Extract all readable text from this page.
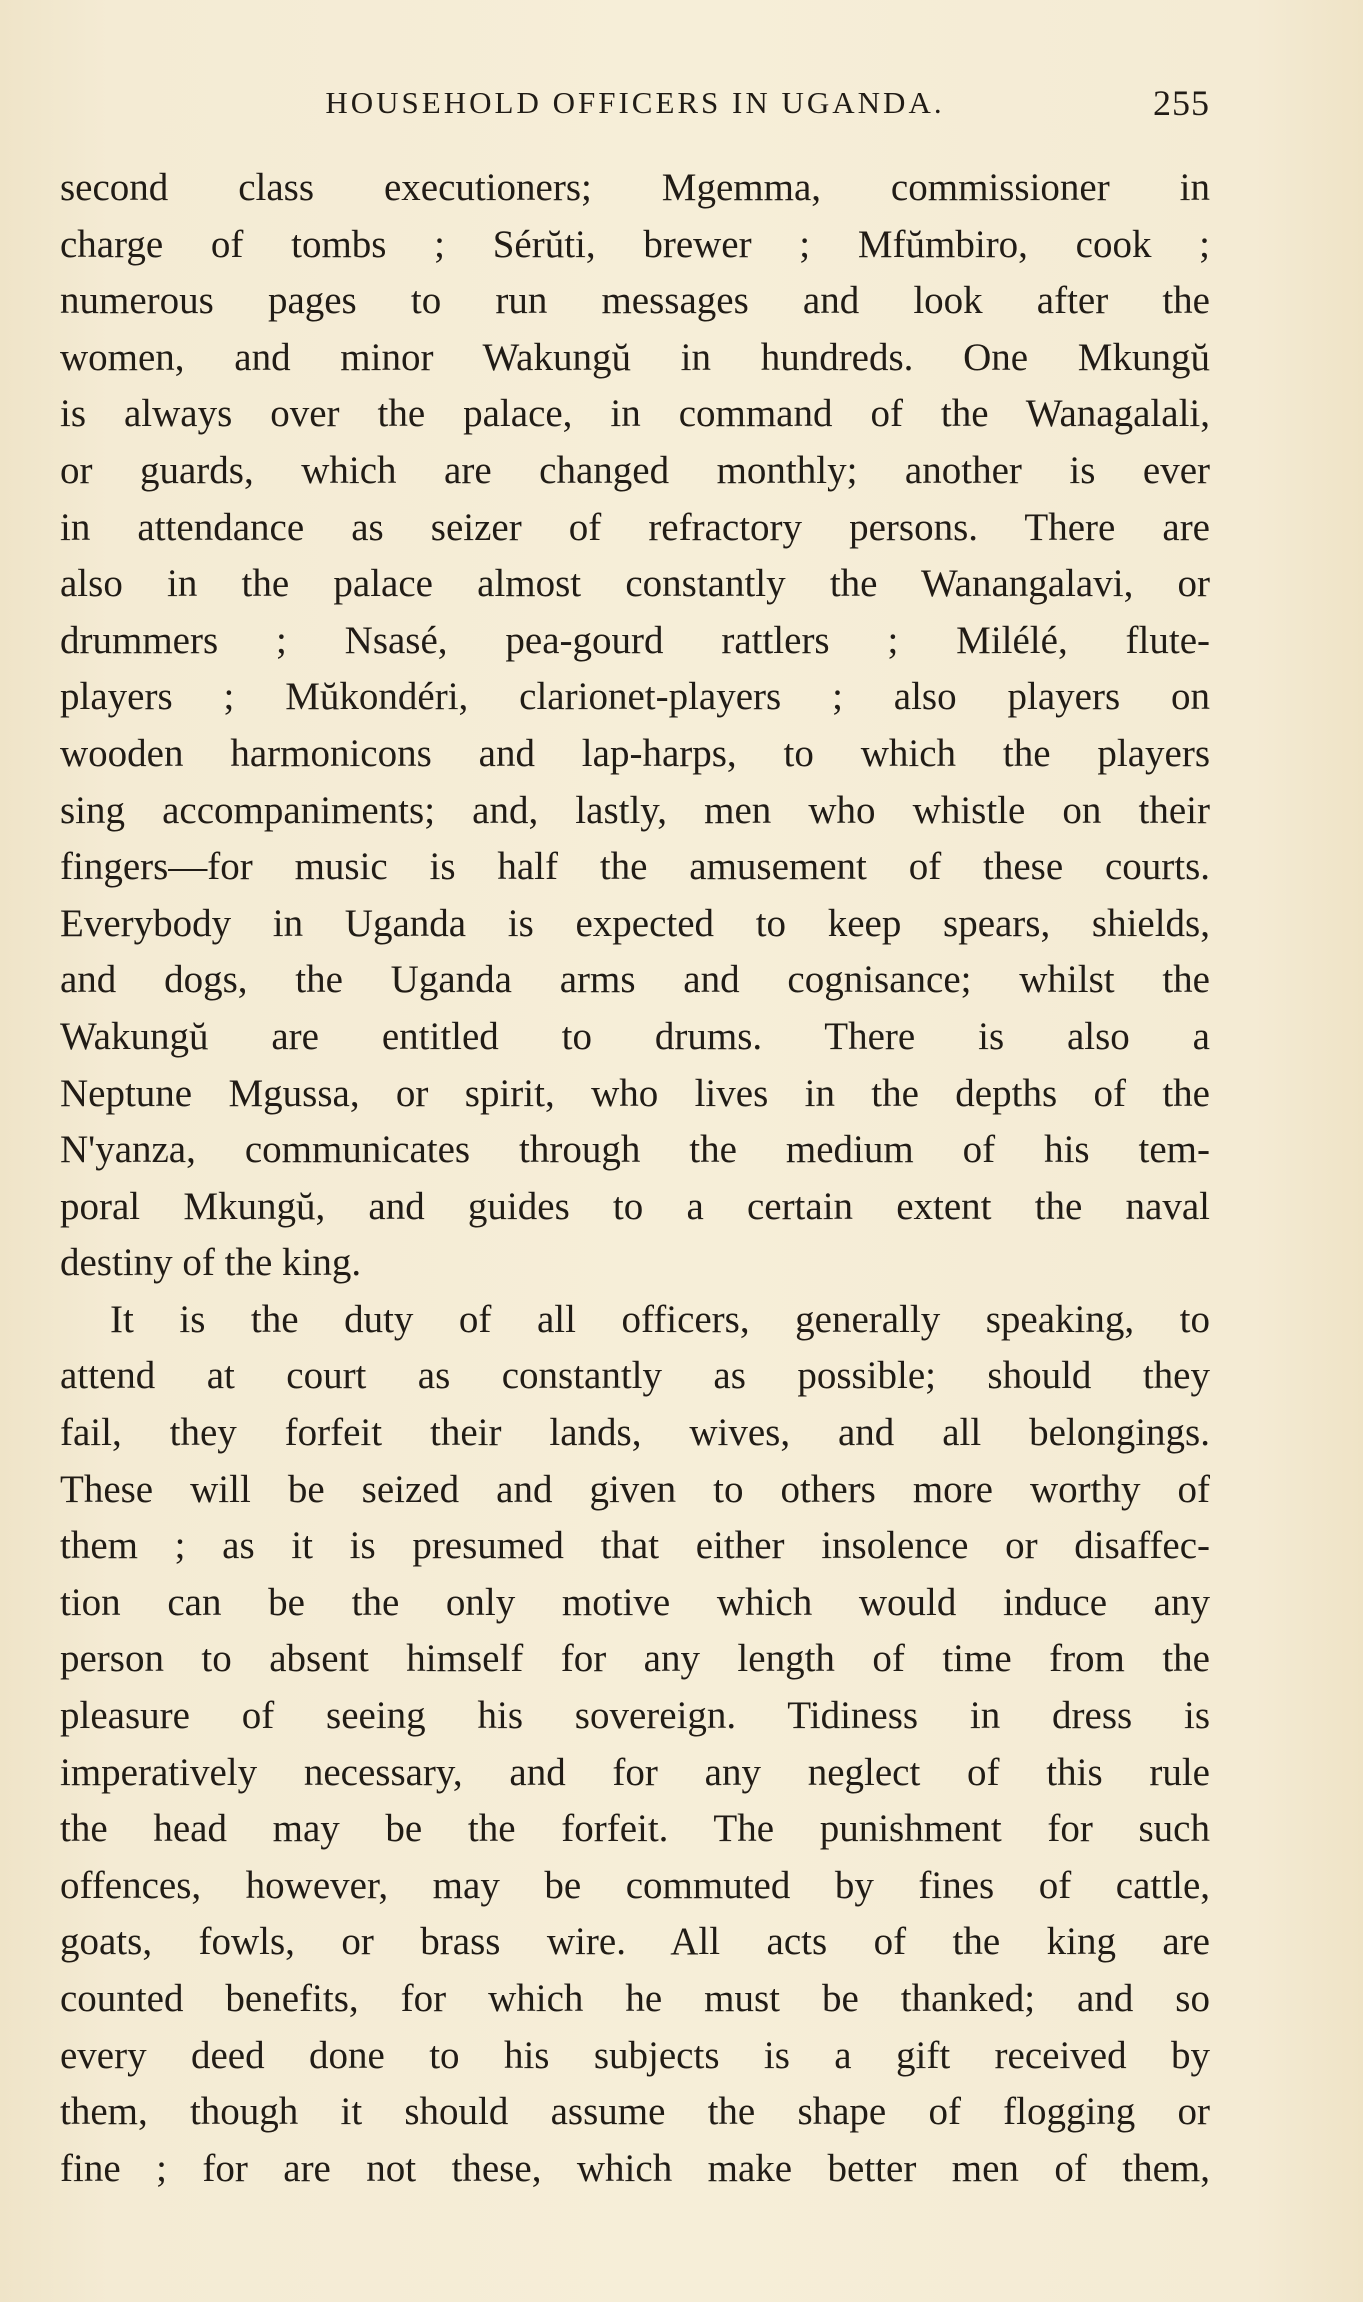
HOUSEHOLD OFFICERS IN UGANDA.	255
second class executioners; Mgemma, commissioner in
charge of tombs ; Sérŭti, brewer ; Mfŭmbiro, cook ;
numerous pages to run messages and look after the
women, and minor Wakungŭ in hundreds. One Mkungŭ
is always over the palace, in command of the Wanagalali,
or guards, which are changed monthly; another is ever
in attendance as seizer of refractory persons. There are
also in the palace almost constantly the Wanangalavi, or
drummers ; Nsasé, pea-gourd rattlers ; Milélé, flute-
players ; Mŭkondéri, clarionet-players ; also players on
wooden harmonicons and lap-harps, to which the players
sing accompaniments; and, lastly, men who whistle on their
fingers—for music is half the amusement of these courts.
Everybody in Uganda is expected to keep spears, shields,
and dogs, the Uganda arms and cognisance; whilst the
Wakungŭ are entitled to drums. There is also a
Neptune Mgussa, or spirit, who lives in the depths of the
N'yanza, communicates through the medium of his tem-
poral Mkungŭ, and guides to a certain extent the naval
destiny of the king.
It is the duty of all officers, generally speaking, to
attend at court as constantly as possible; should they
fail, they forfeit their lands, wives, and all belongings.
These will be seized and given to others more worthy of
them ; as it is presumed that either insolence or disaffec-
tion can be the only motive which would induce any
person to absent himself for any length of time from the
pleasure of seeing his sovereign. Tidiness in dress is
imperatively necessary, and for any neglect of this rule
the head may be the forfeit. The punishment for such
offences, however, may be commuted by fines of cattle,
goats, fowls, or brass wire. All acts of the king are
counted benefits, for which he must be thanked; and so
every deed done to his subjects is a gift received by
them, though it should assume the shape of flogging or
fine ; for are not these, which make better men of them,
